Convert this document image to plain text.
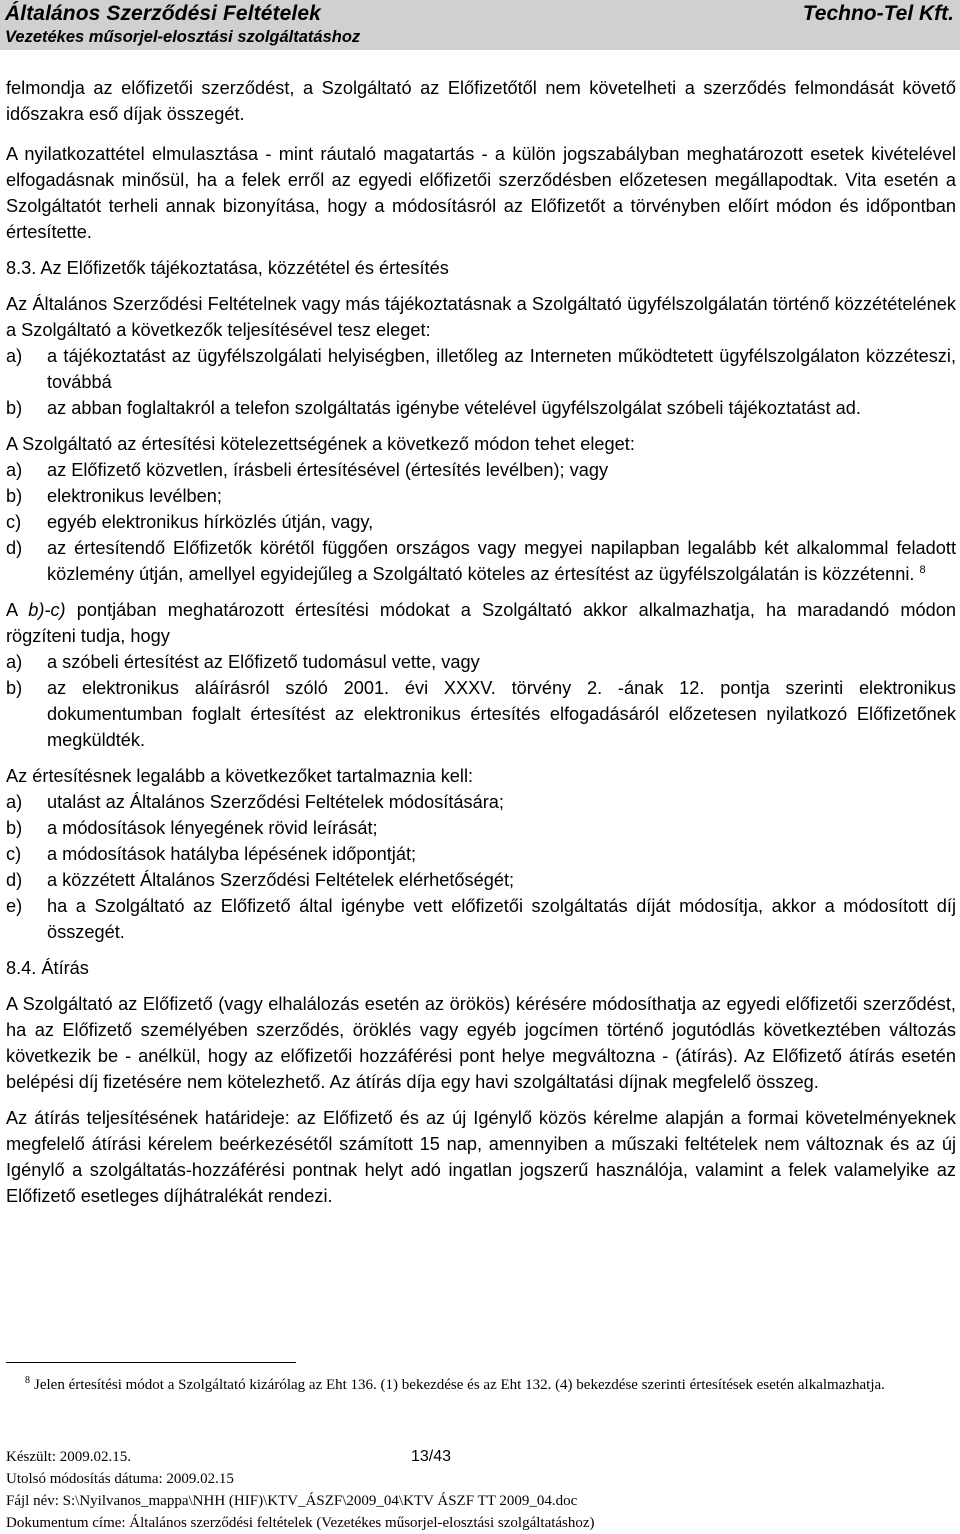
Általános Szerződési Feltételek
Vezetékes műsorjel-elosztási szolgáltatáshoz
Techno-Tel Kft.

felmondja az előfizetői szerződést, a Szolgáltató az Előfizetőtől nem követelheti a szerződés felmondását követő időszakra eső díjak összegét.

A nyilatkozattétel elmulasztása - mint ráutaló magatartás - a külön jogszabályban meghatározott esetek kivételével elfogadásnak minősül, ha a felek erről az egyedi előfizetői szerződésben előzetesen megállapodtak. Vita esetén a Szolgáltatót terheli annak bizonyítása, hogy a módosításról az Előfizetőt a törvényben előírt módon és időpontban értesítette.

8.3. Az Előfizetők tájékoztatása, közzététel és értesítés

Az Általános Szerződési Feltételnek vagy más tájékoztatásnak a Szolgáltató ügyfélszolgálatán történő közzétételének a Szolgáltató a következők teljesítésével tesz eleget:

a) a tájékoztatást az ügyfélszolgálati helyiségben, illetőleg az Interneten működtetett ügyfélszolgálaton közzéteszi, továbbá
b) az abban foglaltakról a telefon szolgáltatás igénybe vételével ügyfélszolgálat szóbeli tájékoztatást ad.

A Szolgáltató az értesítési kötelezettségének a következő módon tehet eleget:

a) az Előfizető közvetlen, írásbeli értesítésével (értesítés levélben); vagy
b) elektronikus levélben;
c) egyéb elektronikus hírközlés útján, vagy,
d) az értesítendő Előfizetők körétől függően országos vagy megyei napilapban legalább két alkalommal feladott közlemény útján, amellyel egyidejűleg a Szolgáltató köteles az értesítést az ügyfélszolgálatán is közzétenni. $^8$

A b)-c) pontjában meghatározott értesítési módokat a Szolgáltató akkor alkalmazhatja, ha maradandó módon rögzíteni tudja, hogy

a) a szóbeli értesítést az Előfizető tudomásul vette, vagy
b) az elektronikus aláírásról szóló 2001. évi XXXV. törvény 2. -ának 12. pontja szerinti elektronikus dokumentumban foglalt értesítést az elektronikus értesítés elfogadásáról előzetesen nyilatkozó Előfizetőnek megküldték.

Az értesítésnek legalább a következőket tartalmaznia kell:

a) utalást az Általános Szerződési Feltételek módosítására;
b) a módosítások lényegének rövid leírását;
c) a módosítások hatályba lépésének időpontját;
d) a közzétett Általános Szerződési Feltételek elérhetőségét;
e) ha a Szolgáltató az Előfizető által igénybe vett előfizetői szolgáltatás díját módosítja, akkor a módosított díj összegét.

8.4. Átírás

A Szolgáltató az Előfizető (vagy elhalálozás esetén az örökös) kérésére módosíthatja az egyedi előfizetői szerződést, ha az Előfizető személyében szerződés, öröklés vagy egyéb jogcímen történő jogutódlás következtében változás következik be - anélkül, hogy az előfizetői hozzáférési pont helye megváltozna - (átírás). Az Előfizető átírás esetén belépési díj fizetésére nem kötelezhető. Az átírás díja egy havi szolgáltatási díjnak megfelelő összeg.

Az átírás teljesítésének határideje: az Előfizető és az új Igénylő közös kérelme alapján a formai követelményeknek megfelelő átírási kérelem beérkezésétől számított 15 nap, amennyiben a műszaki feltételek nem változnak és az új Igénylő a szolgáltatás-hozzáférési pontnak helyt adó ingatlan jogszerű használója, valamint a felek valamelyike az Előfizető esetleges díjhátralékát rendezi.

$^8$ Jelen értesítési módot a Szolgáltató kizárólag az Eht 136. (1) bekezdése és az Eht 132. (4) bekezdése szerinti értesítések esetén alkalmazhatja.
Készült: 2009.02.15.	13/43
Utolsó módosítás dátuma: 2009.02.15
Fájl név: S:\Nyilvanos_mappa\NHH (HIF)\KTV_ÁSZF\2009_04\KTV ÁSZF TT 2009_04.doc
Dokumentum címe: Általános szerződési feltételek (Vezetékes műsorjel-elosztási szolgáltatáshoz)
